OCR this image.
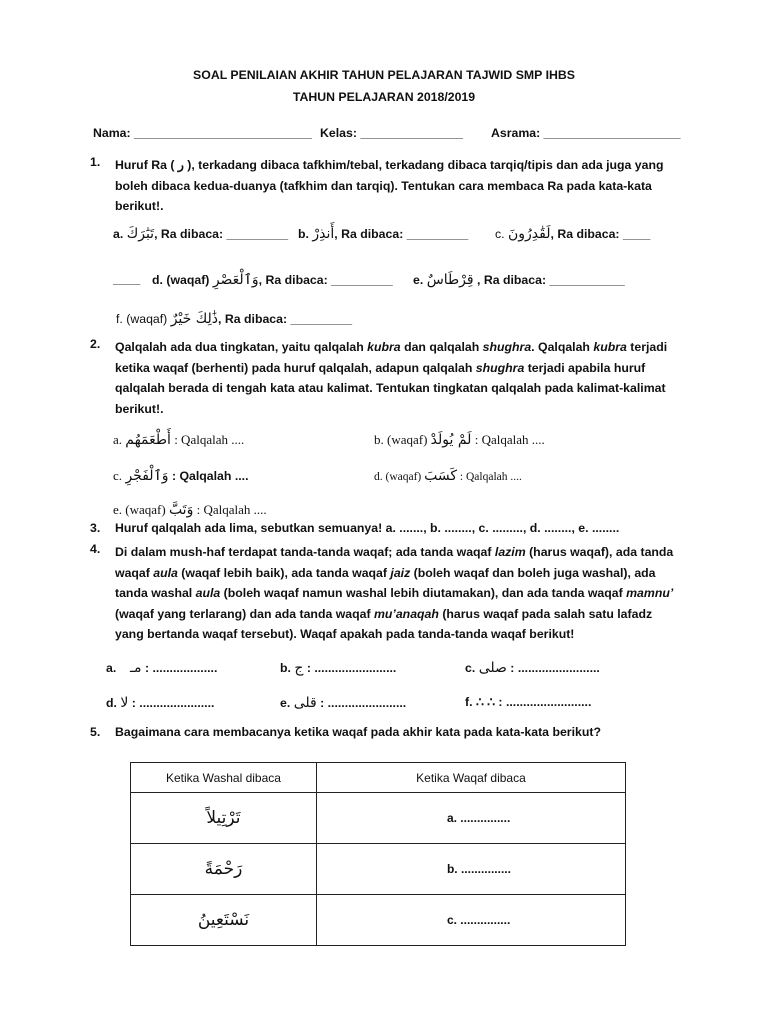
SOAL PENILAIAN AKHIR TAHUN PELAJARAN TAJWID SMP IHBS
TAHUN PELAJARAN 2018/2019
Nama: __________________________ Kelas: _______________ Asrama: ____________________
1. Huruf Ra ( ر ), terkadang dibaca tafkhim/tebal, terkadang dibaca tarqiq/tipis dan ada juga yang boleh dibaca kedua-duanya (tafkhim dan tarqiq). Tentukan cara membaca Ra pada kata-kata berikut!.
a. تَبَٰرَكَ, Ra dibaca: _________ b. أَنذِرْ, Ra dibaca: _________ c. لَقَٰدِرُونَ, Ra dibaca: ____
____ d. (waqaf) وَٱلْعَصْرِ, Ra dibaca: _________ e. قِرْطَاسٌ , Ra dibaca: ___________
f. (waqaf) ذَٰلِكَ خَيْرٌ, Ra dibaca: _________
2. Qalqalah ada dua tingkatan, yaitu qalqalah kubra dan qalqalah shughra. Qalqalah kubra terjadi ketika waqaf (berhenti) pada huruf qalqalah, adapun qalqalah shughra terjadi apabila huruf qalqalah berada di tengah kata atau kalimat. Tentukan tingkatan qalqalah pada kalimat-kalimat berikut!.
a. أَطْعَمَهُم : Qalqalah ....	b. (waqaf) لَمْ يُولَدْ : Qalqalah ....
c. وَٱلْفَجْرِ : Qalqalah ....	d. (waqaf) كَسَبَ : Qalqalah ....
e. (waqaf) وَتَبَّ : Qalqalah ....
3. Huruf qalqalah ada lima, sebutkan semuanya! a. ......., b. ........, c. ........., d. ........, e. ........
4. Di dalam mush-haf terdapat tanda-tanda waqaf; ada tanda waqaf lazim (harus waqaf), ada tanda waqaf aula (waqaf lebih baik), ada tanda waqaf jaiz (boleh waqaf dan boleh juga washal), ada tanda washal aula (boleh waqaf namun washal lebih diutamakan), dan ada tanda waqaf mamnu’ (waqaf yang terlarang) dan ada tanda waqaf mu’anaqah (harus waqaf pada salah satu lafadz yang bertanda waqaf tersebut). Waqaf apakah pada tanda-tanda waqaf berikut!
a. مـ : ...................	b. ج : ........................	c. صلى : ........................
d. لا : ......................	e. قلى : .......................	f. ∴ ∴ : .........................
5. Bagaimana cara membacanya ketika waqaf pada akhir kata pada kata-kata berikut?
Ketika Washal dibaca	Ketika Waqaf dibaca
تَرْتِيلاً	a. ...............
رَحْمَةً	b. ...............
نَسْتَعِينُ	c. ...............
